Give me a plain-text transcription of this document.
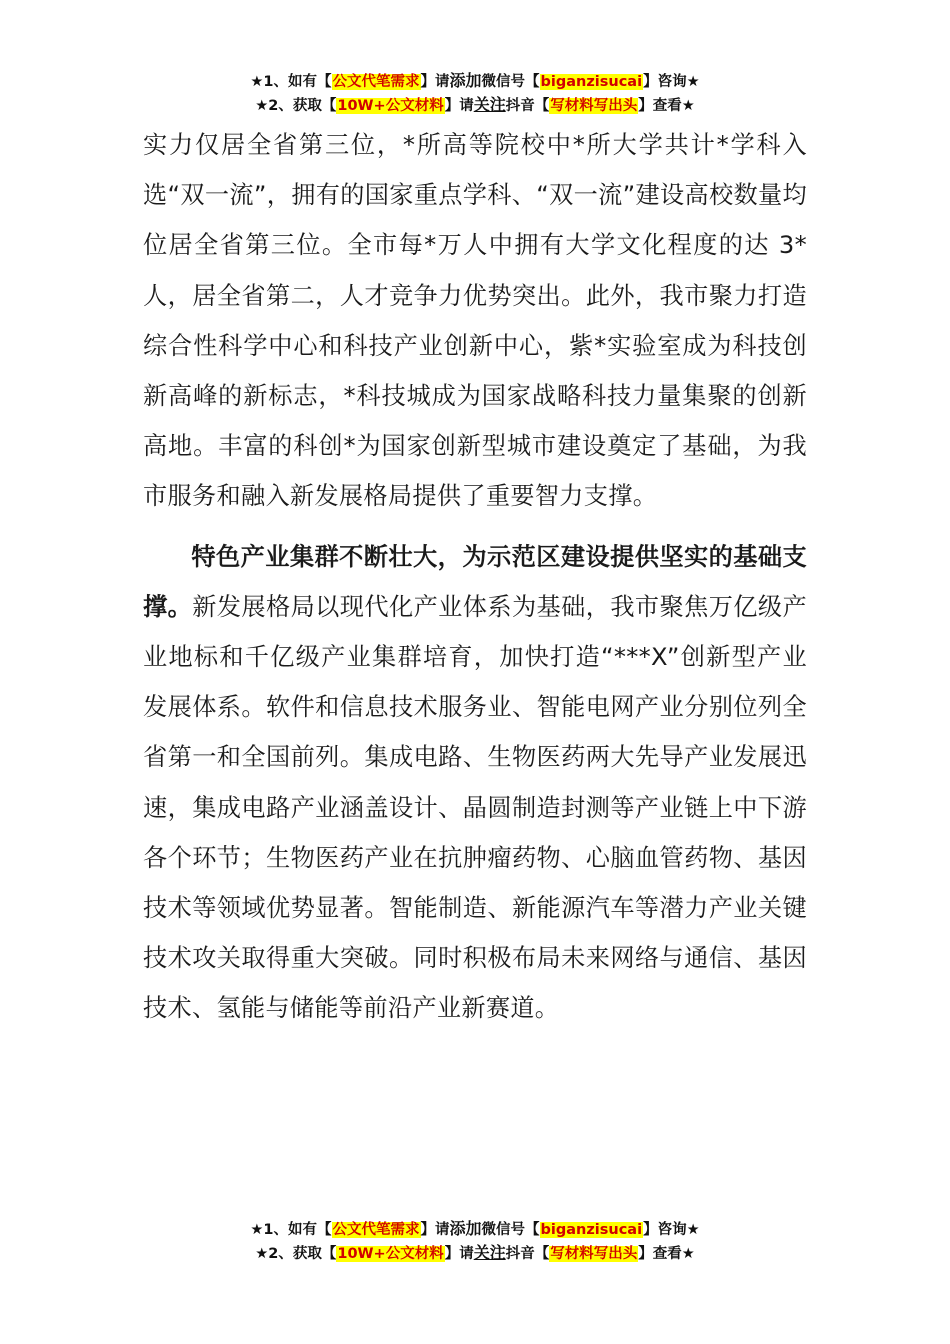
★1、如有【公文代笔需求】请添加微信号【biganzisucai】咨询★
★2、获取【10W+公文材料】请关注抖音【写材料写出头】查看★

实力仅居全省第三位，*所高等院校中*所大学共计*学科入选“双一流”，拥有的国家重点学科、“双一流”建设高校数量均位居全省第三位。全市每*万人中拥有大学文化程度的达 3*人，居全省第二，人才竞争力优势突出。此外，我市聚力打造综合性科学中心和科技产业创新中心，紫*实验室成为科技创新高峰的新标志，*科技城成为国家战略科技力量集聚的创新高地。丰富的科创*为国家创新型城市建设奠定了基础，为我市服务和融入新发展格局提供了重要智力支撑。

特色产业集群不断壮大，为示范区建设提供坚实的基础支撑。新发展格局以现代化产业体系为基础，我市聚焦万亿级产业地标和千亿级产业集群培育，加快打造“***X”创新型产业发展体系。软件和信息技术服务业、智能电网产业分别位列全省第一和全国前列。集成电路、生物医药两大先导产业发展迅速，集成电路产业涵盖设计、晶圆制造封测等产业链上中下游各个环节；生物医药产业在抗肿瘤药物、心脑血管药物、基因技术等领域优势显著。智能制造、新能源汽车等潜力产业关键技术攻关取得重大突破。同时积极布局未来网络与通信、基因技术、氢能与储能等前沿产业新赛道。

★1、如有【公文代笔需求】请添加微信号【biganzisucai】咨询★
★2、获取【10W+公文材料】请关注抖音【写材料写出头】查看★
